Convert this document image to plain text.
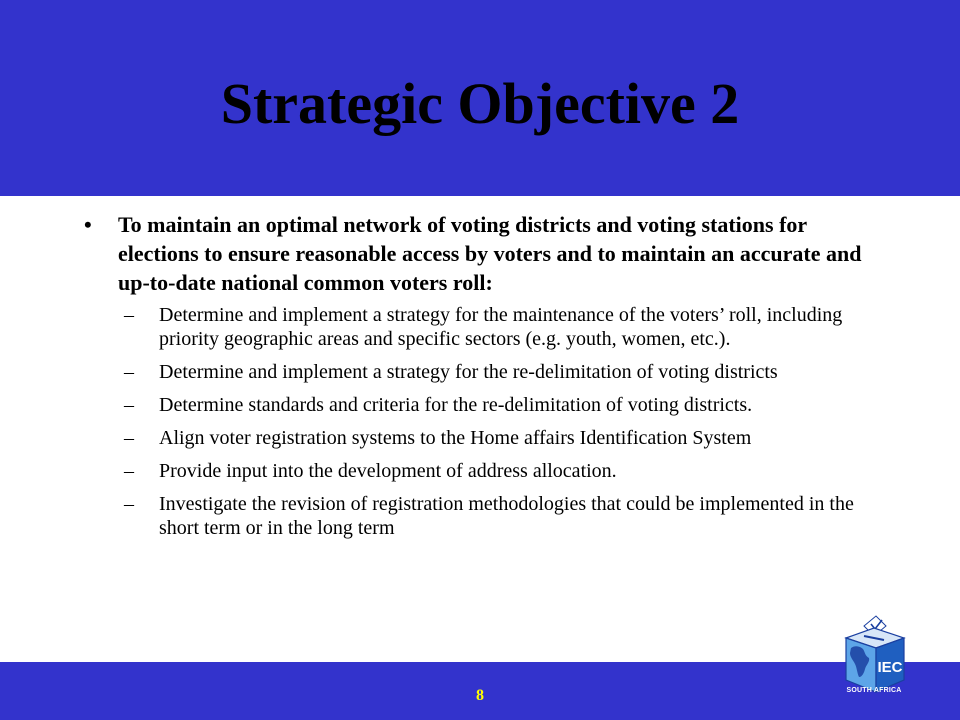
Strategic Objective 2
• To maintain an optimal network of voting districts and voting stations for elections to ensure reasonable access by voters and to maintain an accurate and up-to-date national common voters roll:
– Determine and implement a strategy for the maintenance of the voters’ roll, including priority geographic areas and specific sectors (e.g. youth, women, etc.).
– Determine and implement a strategy for the re-delimitation of voting districts
– Determine standards and criteria for the re-delimitation of voting districts.
– Align voter registration systems to the Home affairs Identification System
– Provide input into the development of address allocation.
– Investigate the revision of registration methodologies that could be implemented in the short term or in the long term
8
IEC
SOUTH AFRICA
